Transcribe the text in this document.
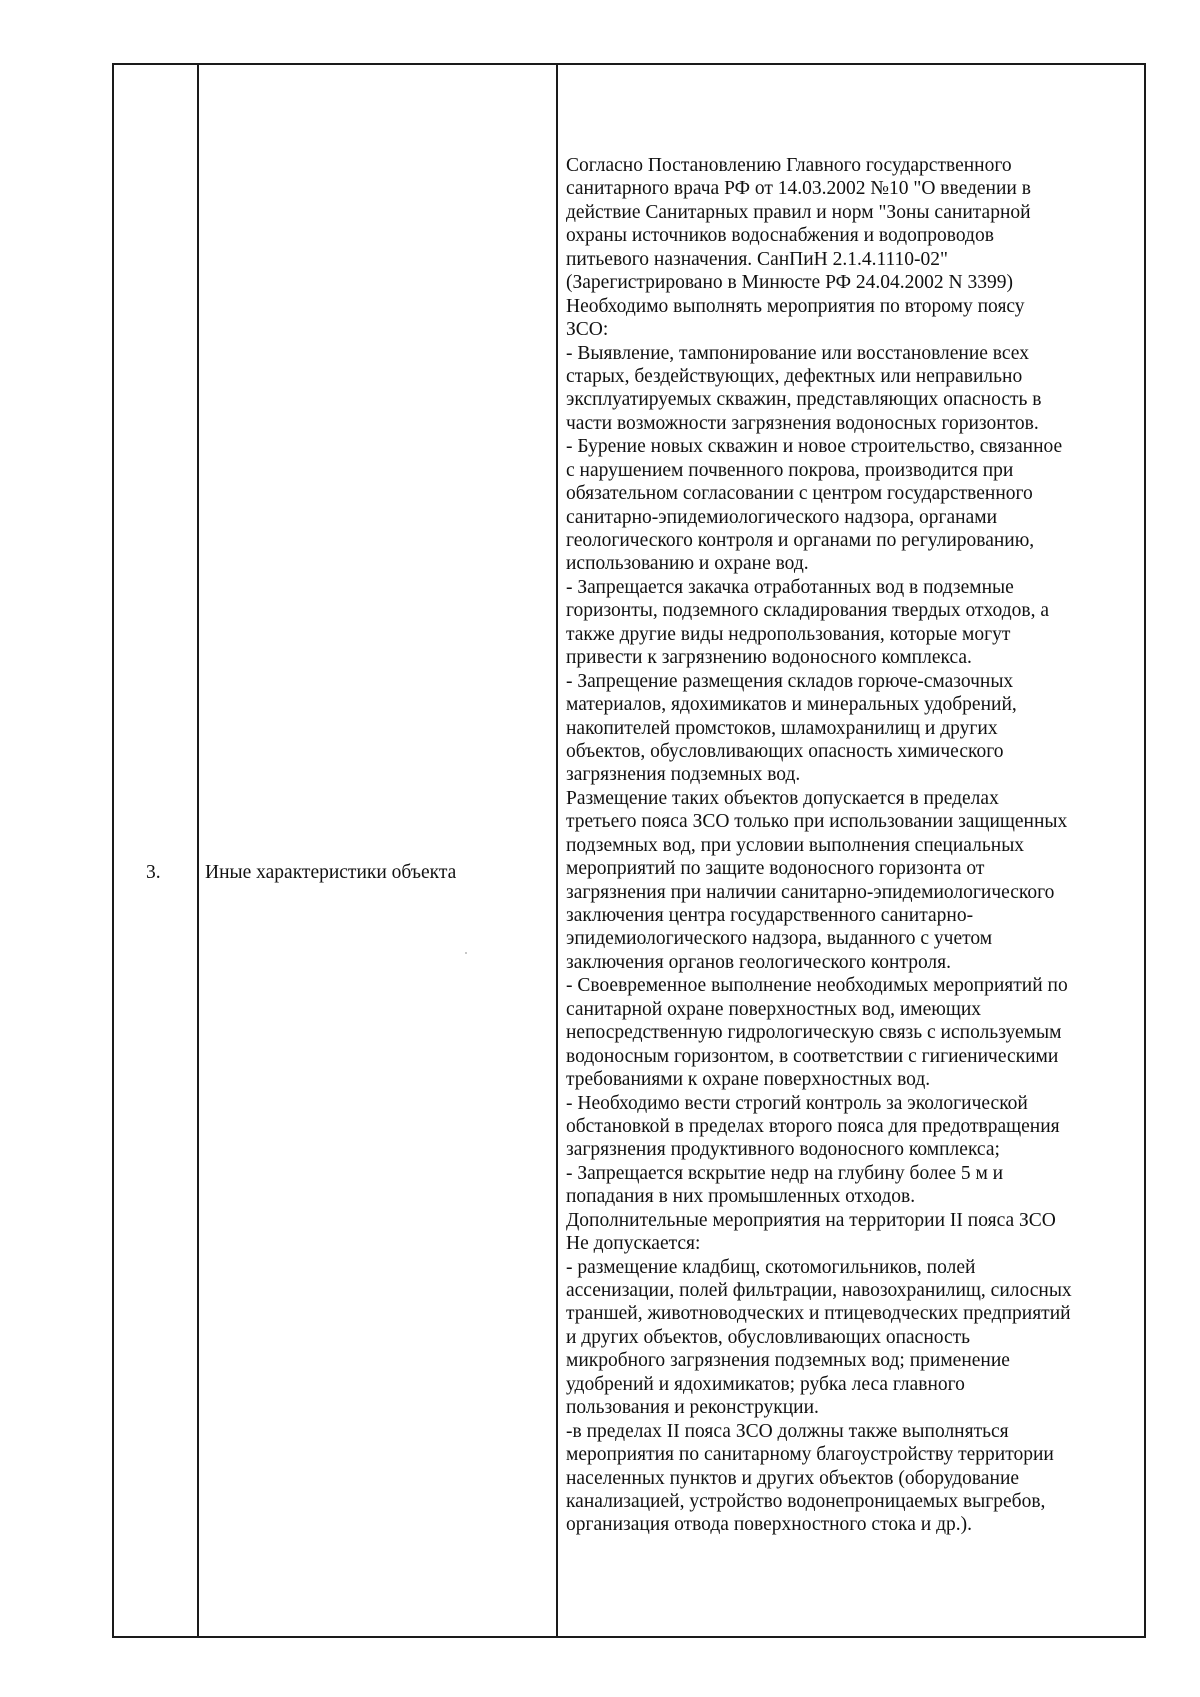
3. Иные характеристики объекта
Согласно Постановлению Главного государственного
санитарного врача РФ от 14.03.2002 №10 "О введении в
действие Санитарных правил и норм "Зоны санитарной
охраны источников водоснабжения и водопроводов
питьевого назначения. СанПиН 2.1.4.1110-02"
(Зарегистрировано в Минюсте РФ 24.04.2002 N 3399)
Необходимо выполнять мероприятия по второму поясу
ЗСО:
- Выявление, тампонирование или восстановление всех
старых, бездействующих, дефектных или неправильно
эксплуатируемых скважин, представляющих опасность в
части возможности загрязнения водоносных горизонтов.
- Бурение новых скважин и новое строительство, связанное
с нарушением почвенного покрова, производится при
обязательном согласовании с центром государственного
санитарно-эпидемиологического надзора, органами
геологического контроля и органами по регулированию,
использованию и охране вод.
- Запрещается закачка отработанных вод в подземные
горизонты, подземного складирования твердых отходов, а
также другие виды недропользования, которые могут
привести к загрязнению водоносного комплекса.
- Запрещение размещения складов горюче-смазочных
материалов, ядохимикатов и минеральных удобрений,
накопителей промстоков, шламохранилищ и других
объектов, обусловливающих опасность химического
загрязнения подземных вод.
Размещение таких объектов допускается в пределах
третьего пояса ЗСО только при использовании защищенных
подземных вод, при условии выполнения специальных
мероприятий по защите водоносного горизонта от
загрязнения при наличии санитарно-эпидемиологического
заключения центра государственного санитарно-
эпидемиологического надзора, выданного с учетом
заключения органов геологического контроля.
- Своевременное выполнение необходимых мероприятий по
санитарной охране поверхностных вод, имеющих
непосредственную гидрологическую связь с используемым
водоносным горизонтом, в соответствии с гигиеническими
требованиями к охране поверхностных вод.
- Необходимо вести строгий контроль за экологической
обстановкой в пределах второго пояса для предотвращения
загрязнения продуктивного водоносного комплекса;
- Запрещается вскрытие недр на глубину более 5 м и
попадания в них промышленных отходов.
Дополнительные мероприятия на территории II пояса ЗСО
Не допускается:
- размещение кладбищ, скотомогильников, полей
ассенизации, полей фильтрации, навозохранилищ, силосных
траншей, животноводческих и птицеводческих предприятий
и других объектов, обусловливающих опасность
микробного загрязнения подземных вод; применение
удобрений и ядохимикатов; рубка леса главного
пользования и реконструкции.
-в пределах II пояса ЗСО должны также выполняться
мероприятия по санитарному благоустройству территории
населенных пунктов и других объектов (оборудование
канализацией, устройство водонепроницаемых выгребов,
организация отвода поверхностного стока и др.).
